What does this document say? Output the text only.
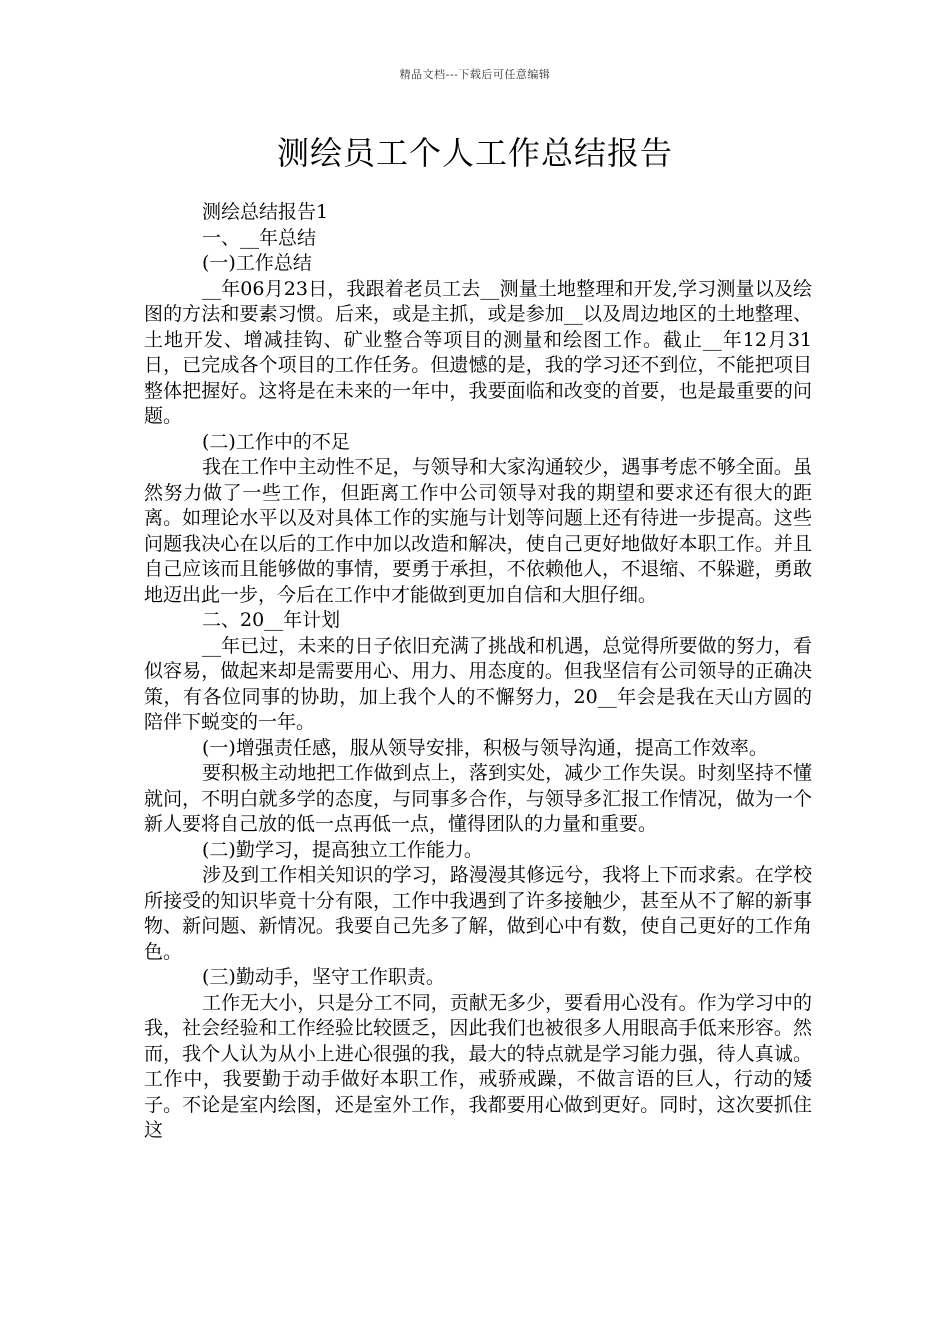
精品文档---下载后可任意编辑
测绘员工个人工作总结报告

测绘总结报告1

一、__年总结

(一)工作总结

__年06月23日，我跟着老员工去__测量土地整理和开发,学习测量以及绘图的方法和要素习惯。后来，或是主抓，或是参加__以及周边地区的土地整理、土地开发、增减挂钩、矿业整合等项目的测量和绘图工作。截止__年12月31日，已完成各个项目的工作任务。但遗憾的是，我的学习还不到位，不能把项目整体把握好。这将是在未来的一年中，我要面临和改变的首要，也是最重要的问题。

(二)工作中的不足

我在工作中主动性不足，与领导和大家沟通较少，遇事考虑不够全面。虽然努力做了一些工作，但距离工作中公司领导对我的期望和要求还有很大的距离。如理论水平以及对具体工作的实施与计划等问题上还有待进一步提高。这些问题我决心在以后的工作中加以改造和解决，使自己更好地做好本职工作。并且自己应该而且能够做的事情，要勇于承担，不依赖他人，不退缩、不躲避，勇敢地迈出此一步，今后在工作中才能做到更加自信和大胆仔细。

二、20__年计划

__年已过，未来的日子依旧充满了挑战和机遇，总觉得所要做的努力，看似容易，做起来却是需要用心、用力、用态度的。但我坚信有公司领导的正确决策，有各位同事的协助，加上我个人的不懈努力，20__年会是我在天山方圆的陪伴下蜕变的一年。

(一)增强责任感，服从领导安排，积极与领导沟通，提高工作效率。

要积极主动地把工作做到点上，落到实处，减少工作失误。时刻坚持不懂就问，不明白就多学的态度，与同事多合作，与领导多汇报工作情况，做为一个新人要将自己放的低一点再低一点，懂得团队的力量和重要。

(二)勤学习，提高独立工作能力。

涉及到工作相关知识的学习，路漫漫其修远兮，我将上下而求索。在学校所接受的知识毕竟十分有限，工作中我遇到了许多接触少，甚至从不了解的新事物、新问题、新情况。我要自己先多了解，做到心中有数，使自己更好的工作角色。

(三)勤动手，坚守工作职责。

工作无大小，只是分工不同，贡献无多少，要看用心没有。作为学习中的我，社会经验和工作经验比较匮乏，因此我们也被很多人用眼高手低来形容。然而，我个人认为从小上进心很强的我，最大的特点就是学习能力强，待人真诚。工作中，我要勤于动手做好本职工作，戒骄戒躁，不做言语的巨人，行动的矮子。不论是室内绘图，还是室外工作，我都要用心做到更好。同时，这次要抓住这
